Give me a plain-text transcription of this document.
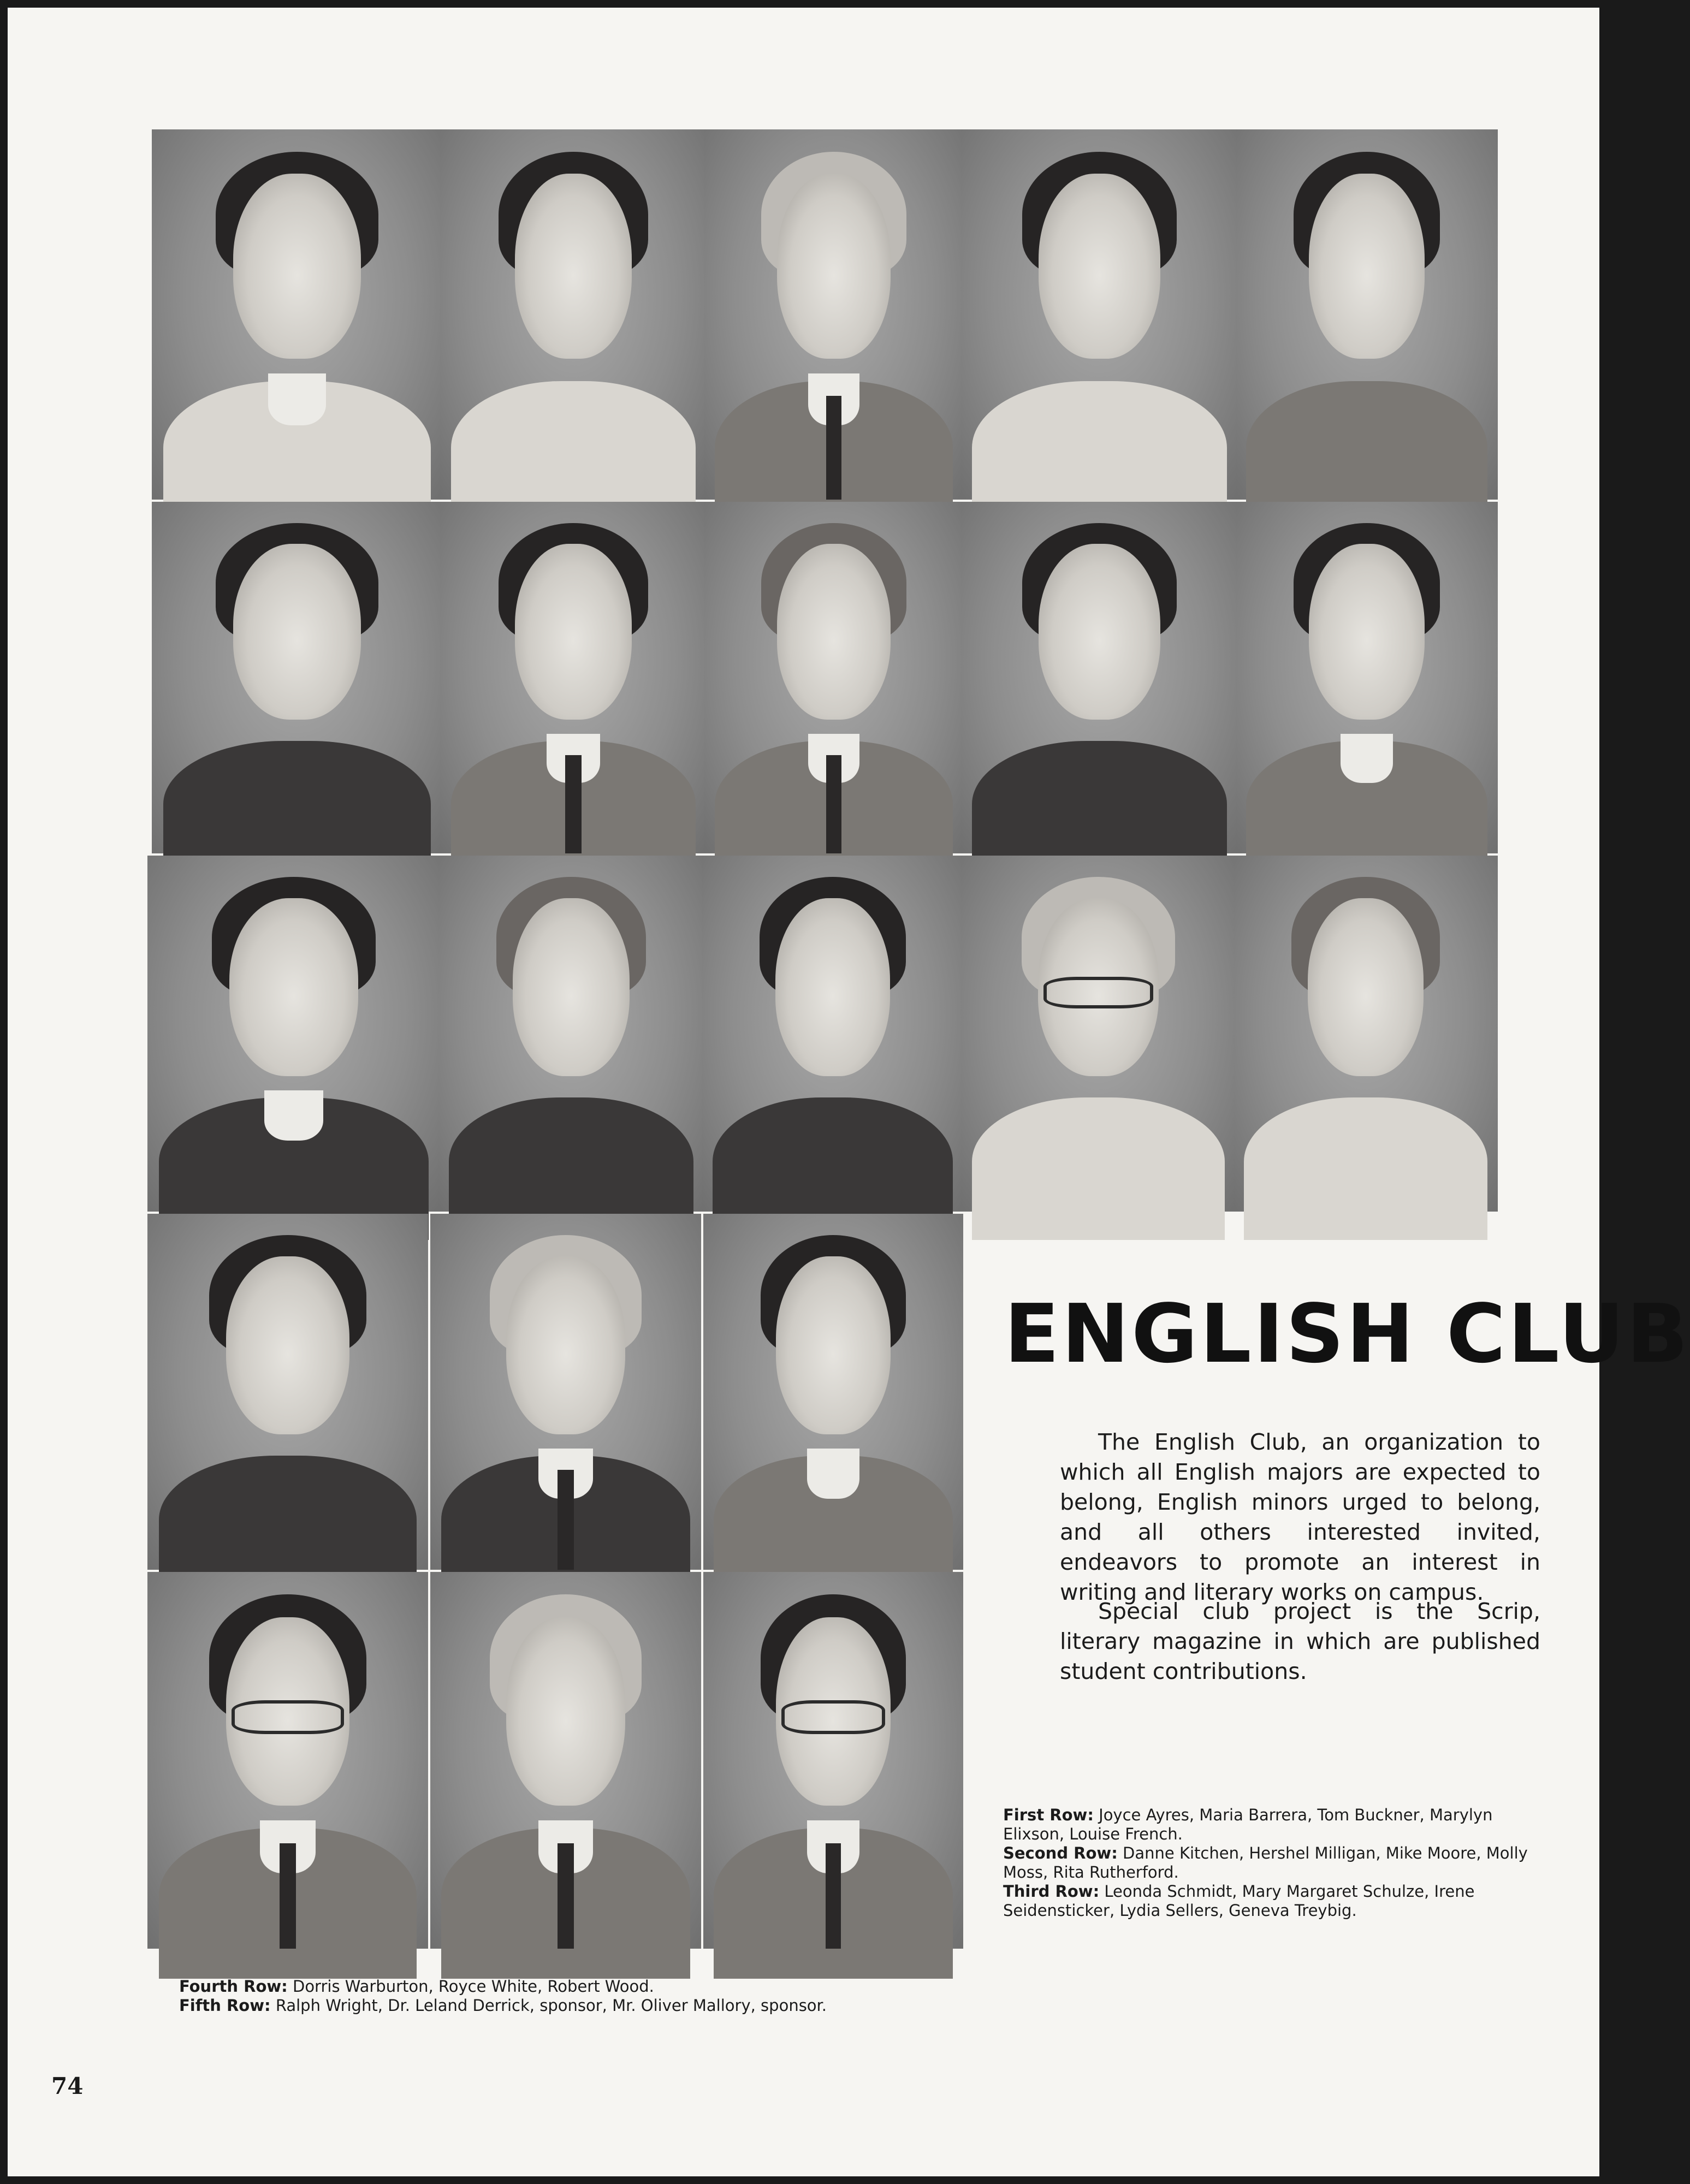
ENGLISH CLUB

The English Club, an organization to which all English majors are expected to belong, English minors urged to belong, and all others interested invited, endeavors to promote an interest in writing and literary works on campus.

Special club project is the Scrip, literary magazine in which are published student contributions.

First Row: Joyce Ayres, Maria Barrera, Tom Buckner, Marylyn Elixson, Louise French.
Second Row: Danne Kitchen, Hershel Milligan, Mike Moore, Molly Moss, Rita Rutherford.
Third Row: Leonda Schmidt, Mary Margaret Schulze, Irene Seidensticker, Lydia Sellers, Geneva Treybig.
Fourth Row: Dorris Warburton, Royce White, Robert Wood.
Fifth Row: Ralph Wright, Dr. Leland Derrick, sponsor, Mr. Oliver Mallory, sponsor.
74
